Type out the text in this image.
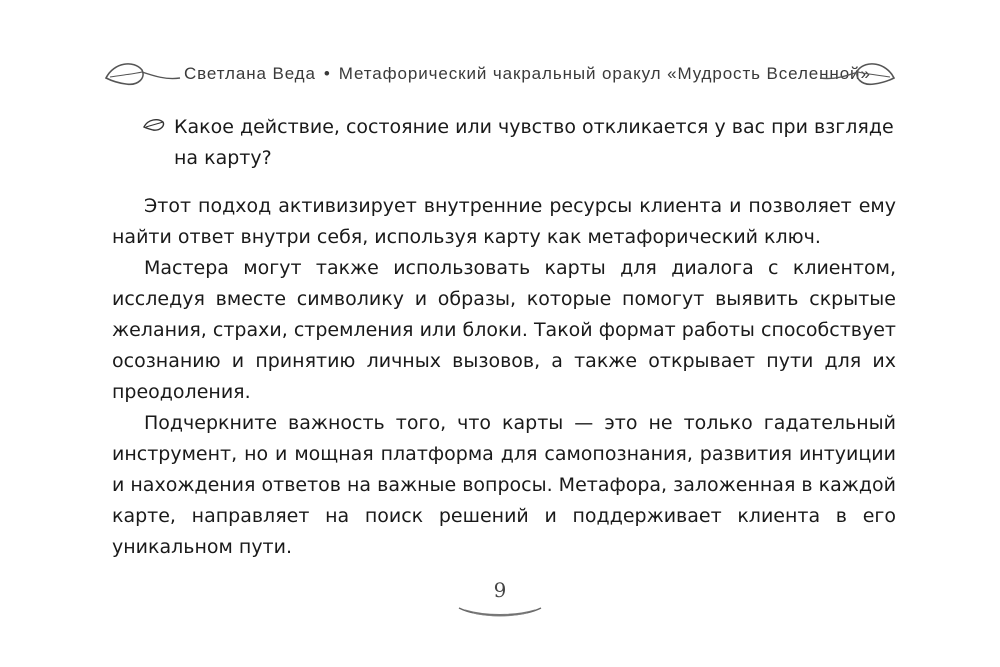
Светлана Веда • Метафорический чакральный оракул «Мудрость Вселенной»
Какое действие, состояние или чувство откликается у вас при взгляде на карту?

Этот подход активизирует внутренние ресурсы клиента и позволяет ему найти ответ внутри себя, используя карту как метафорический ключ.

Мастера могут также использовать карты для диалога с клиентом, исследуя вместе символику и образы, которые помогут выявить скрытые желания, страхи, стремления или блоки. Такой формат работы способствует осознанию и принятию личных вызовов, а также открывает пути для их преодоления.

Подчеркните важность того, что карты — это не только гадательный инструмент, но и мощная платформа для самопознания, развития интуиции и нахождения ответов на важные вопросы. Метафора, заложенная в каждой карте, направляет на поиск решений и поддерживает клиента в его уникальном пути.

9
